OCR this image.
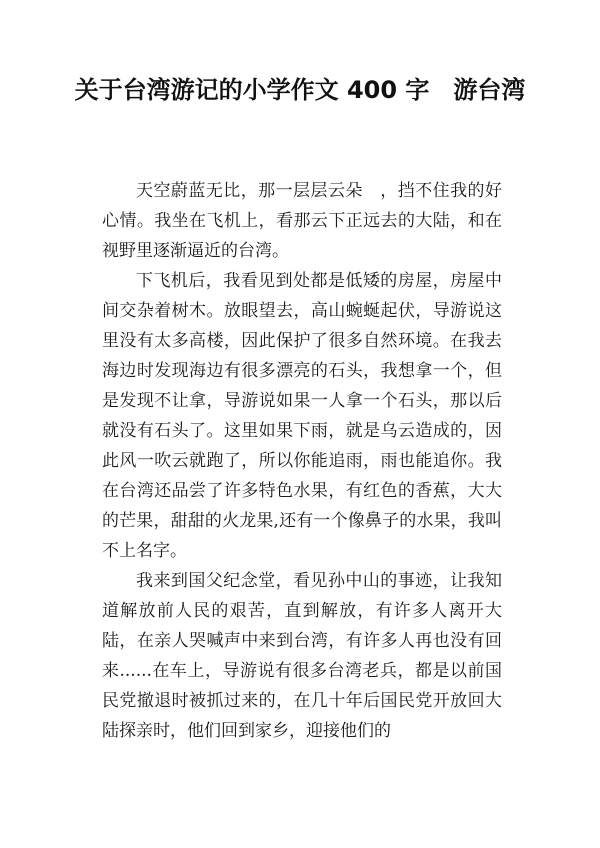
关于台湾游记的小学作文 400 字　游台湾

天空蔚蓝无比，那一层层云朵　，挡不住我的好心情。我坐在飞机上，看那云下正远去的大陆，和在视野里逐渐逼近的台湾。

下飞机后，我看见到处都是低矮的房屋，房屋中间交杂着树木。放眼望去，高山蜿蜒起伏，导游说这里没有太多高楼，因此保护了很多自然环境。在我去海边时发现海边有很多漂亮的石头，我想拿一个，但是发现不让拿，导游说如果一人拿一个石头，那以后就没有石头了。这里如果下雨，就是乌云造成的，因此风一吹云就跑了，所以你能追雨，雨也能追你。我在台湾还品尝了许多特色水果，有红色的香蕉，大大的芒果，甜甜的火龙果,还有一个像鼻子的水果，我叫不上名字。

我来到国父纪念堂，看见孙中山的事迹，让我知道解放前人民的艰苦，直到解放，有许多人离开大陆，在亲人哭喊声中来到台湾，有许多人再也没有回来......在车上，导游说有很多台湾老兵，都是以前国民党撤退时被抓过来的，在几十年后国民党开放回大陆探亲时，他们回到家乡，迎接他们的
